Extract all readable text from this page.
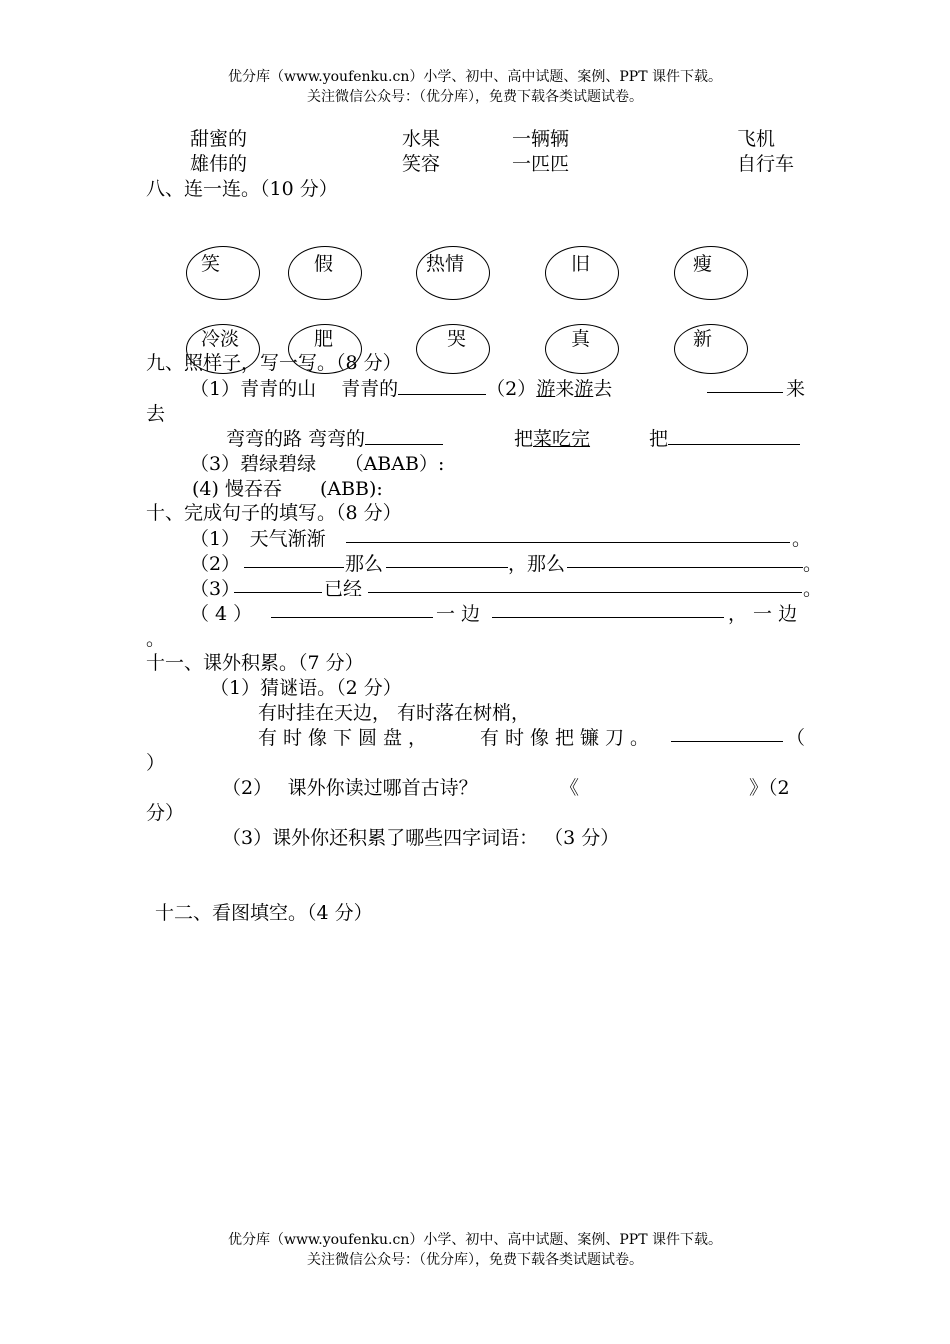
优分库（www.youfenku.cn）小学、初中、高中试题、案例、PPT 课件下载。
关注微信公众号：（优分库），免费下载各类试题试卷。
甜蜜的	水果	一辆辆	飞机
雄伟的	笑容	一匹匹	自行车
八、连一连。（10 分）
笑	假	热情	旧	瘦
冷淡	肥	哭	真	新
九、照样子，写一写。（8 分）
（1）青青的山　 青青的	（2）游来游去	来
去
弯弯的路 弯弯的	把菜吃完	把
（3）碧绿碧绿　　（ABAB）:
(4) 慢吞吞　　(ABB):
十、完成句子的填写。（8 分）
（1）　天气渐渐	。
（2）	那么	，那么	。
（3）	已经	。
（ 4 ）	一 边	， 一 边
。
十一、课外积累。（7 分）
（1）猜谜语。（2 分）
有时挂在天边， 有时落在树梢，
有时像下圆盘， 有时像把镰刀。	（
）
（2）　 课外你读过哪首古诗？	《	》（2
分）
（3）课外你还积累了哪些四字词语： （3 分）
十二、看图填空。（4 分）
优分库（www.youfenku.cn）小学、初中、高中试题、案例、PPT 课件下载。
关注微信公众号：（优分库），免费下载各类试题试卷。
